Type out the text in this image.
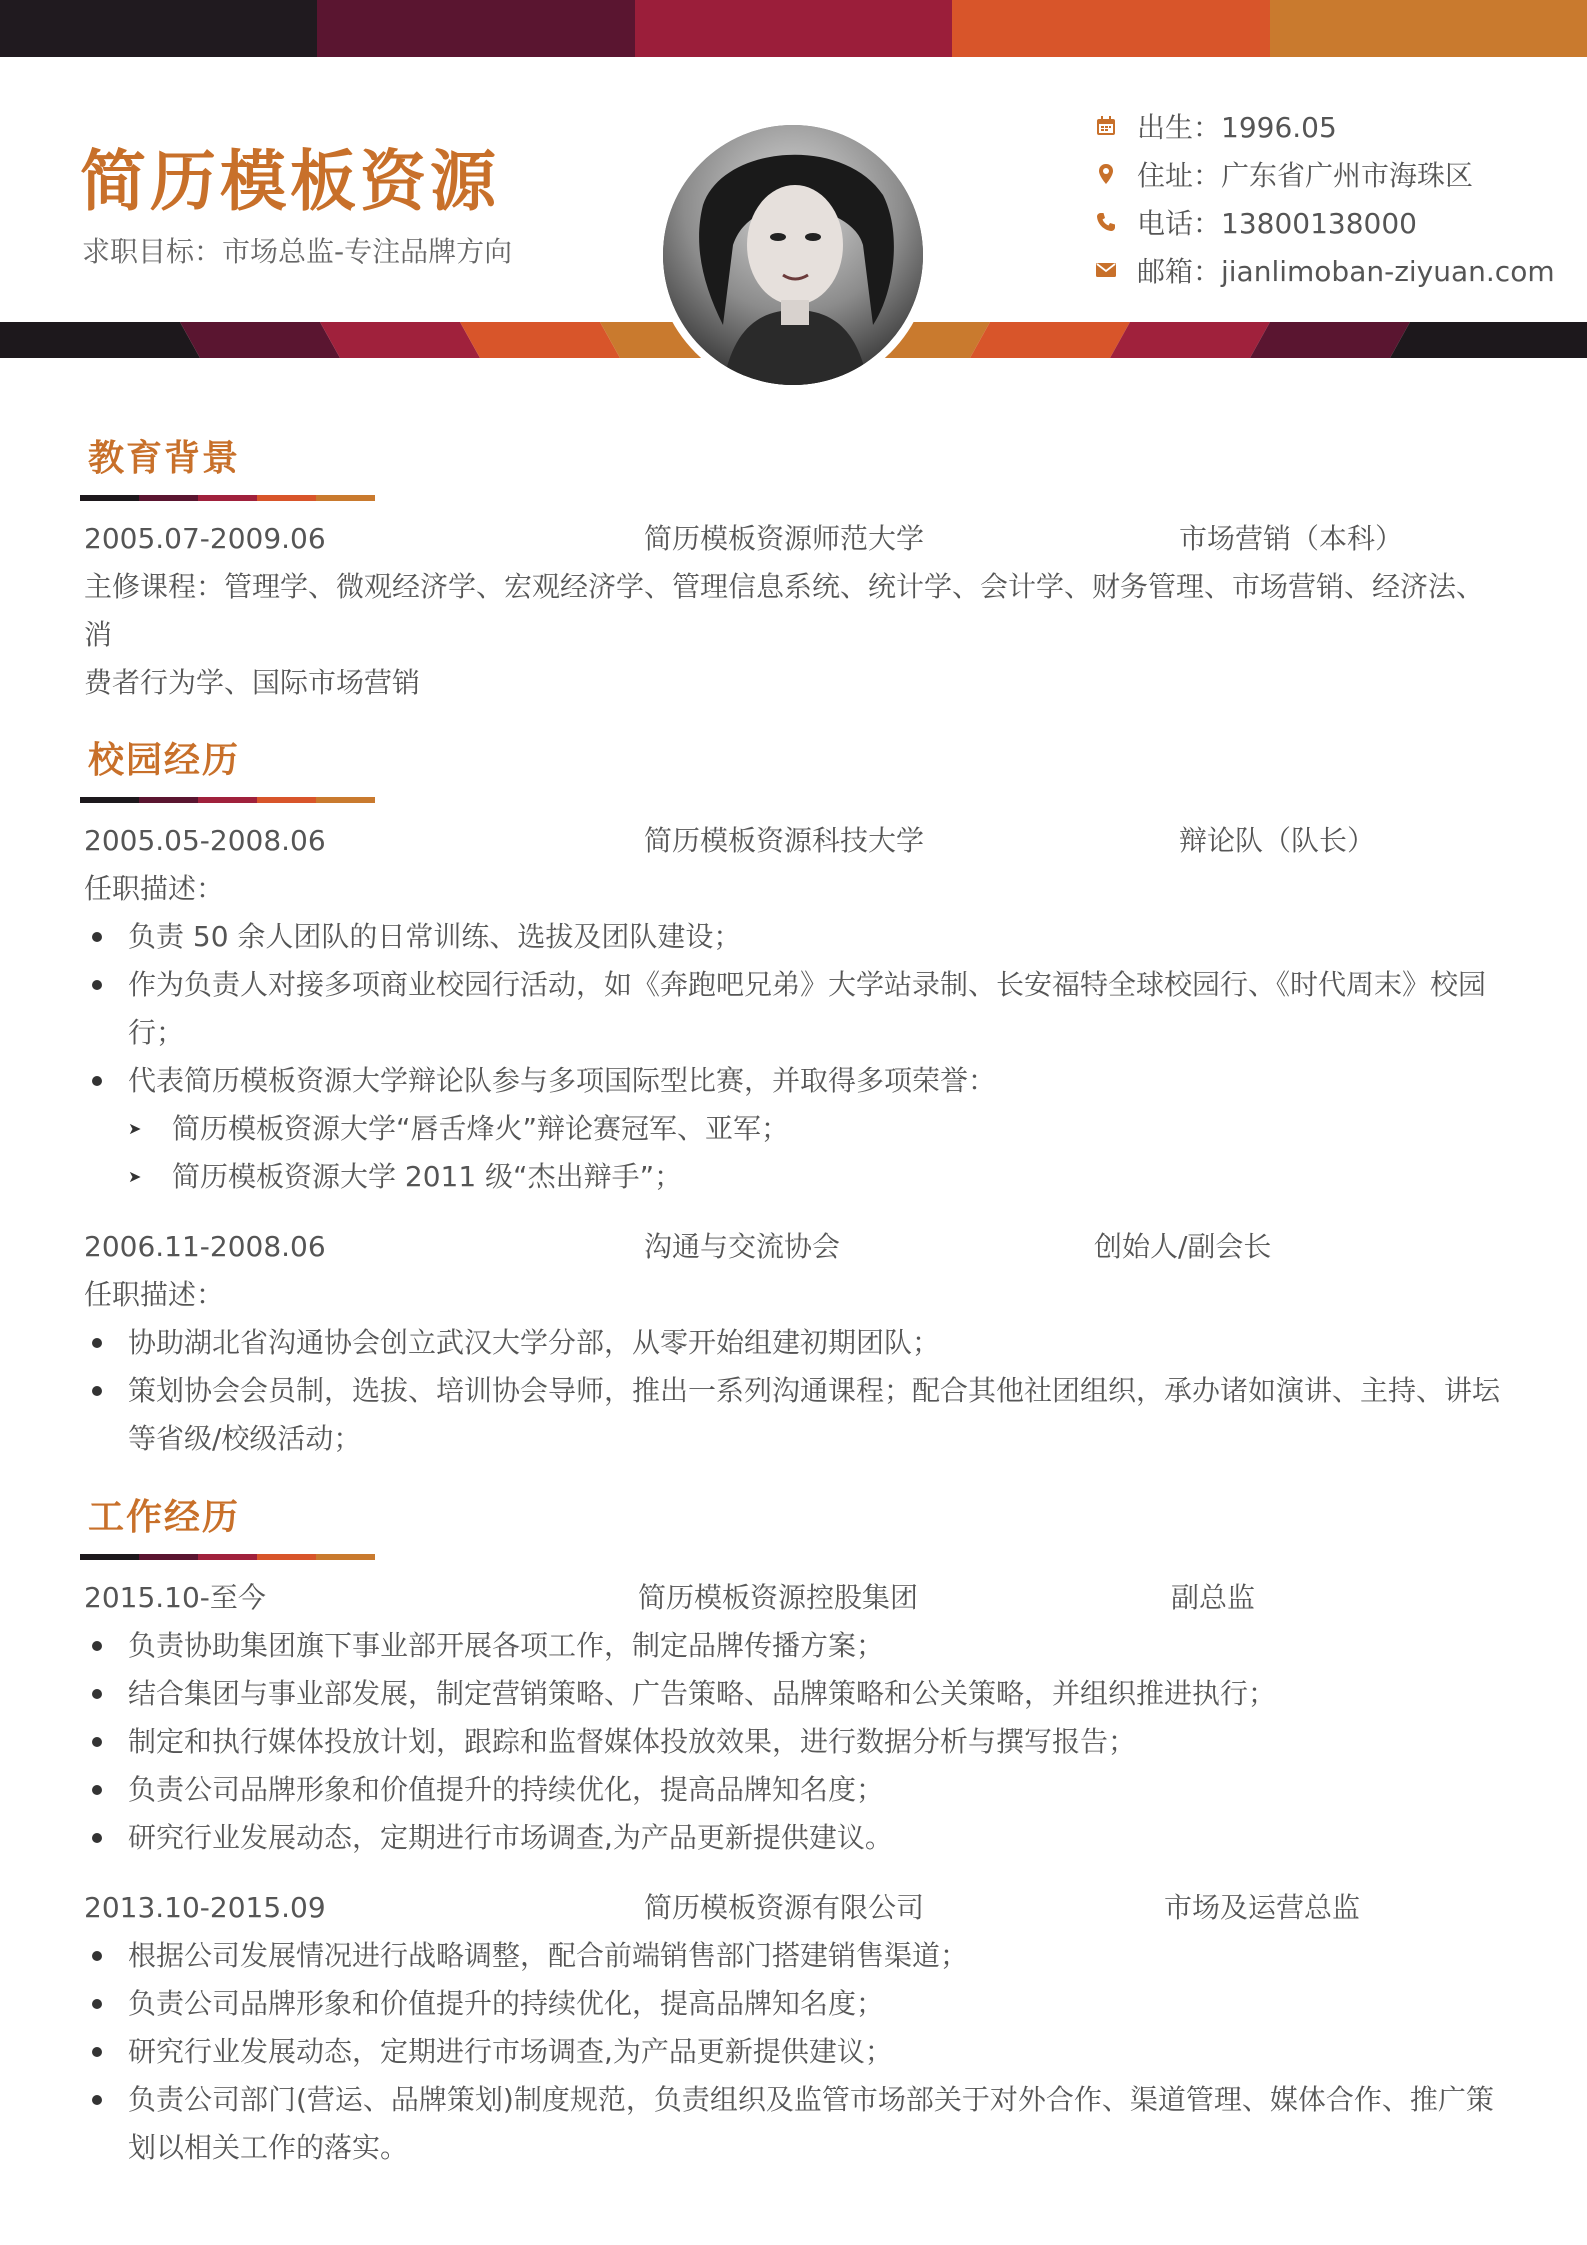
简历模板资源
求职目标：市场总监-专注品牌方向
出生：1996.05
住址：广东省广州市海珠区
电话：13800138000
邮箱：jianlimoban-ziyuan.com
教育背景
2005.07-2009.06	简历模板资源师范大学	市场营销（本科）
主修课程：管理学、微观经济学、宏观经济学、管理信息系统、统计学、会计学、财务管理、市场营销、经济法、消
费者行为学、国际市场营销
校园经历
2005.05-2008.06	简历模板资源科技大学	辩论队（队长）
任职描述：
负责 50 余人团队的日常训练、选拔及团队建设；
作为负责人对接多项商业校园行活动，如《奔跑吧兄弟》大学站录制、长安福特全球校园行、《时代周末》校园行；
代表简历模板资源大学辩论队参与多项国际型比赛，并取得多项荣誉：
➤ 简历模板资源大学“唇舌烽火”辩论赛冠军、亚军；
➤ 简历模板资源大学 2011 级“杰出辩手”；
2006.11-2008.06	沟通与交流协会	创始人/副会长
任职描述：
协助湖北省沟通协会创立武汉大学分部，从零开始组建初期团队；
策划协会会员制，选拔、培训协会导师，推出一系列沟通课程；配合其他社团组织，承办诸如演讲、主持、讲坛
等省级/校级活动；
工作经历
2015.10-至今	简历模板资源控股集团	副总监
负责协助集团旗下事业部开展各项工作，制定品牌传播方案；
结合集团与事业部发展，制定营销策略、广告策略、品牌策略和公关策略，并组织推进执行；
制定和执行媒体投放计划，跟踪和监督媒体投放效果，进行数据分析与撰写报告；
负责公司品牌形象和价值提升的持续优化，提高品牌知名度；
研究行业发展动态，定期进行市场调查,为产品更新提供建议。
2013.10-2015.09	简历模板资源有限公司	市场及运营总监
根据公司发展情况进行战略调整，配合前端销售部门搭建销售渠道；
负责公司品牌形象和价值提升的持续优化，提高品牌知名度；
研究行业发展动态，定期进行市场调查,为产品更新提供建议；
负责公司部门(营运、品牌策划)制度规范，负责组织及监管市场部关于对外合作、渠道管理、媒体合作、推广策
划以相关工作的落实。
